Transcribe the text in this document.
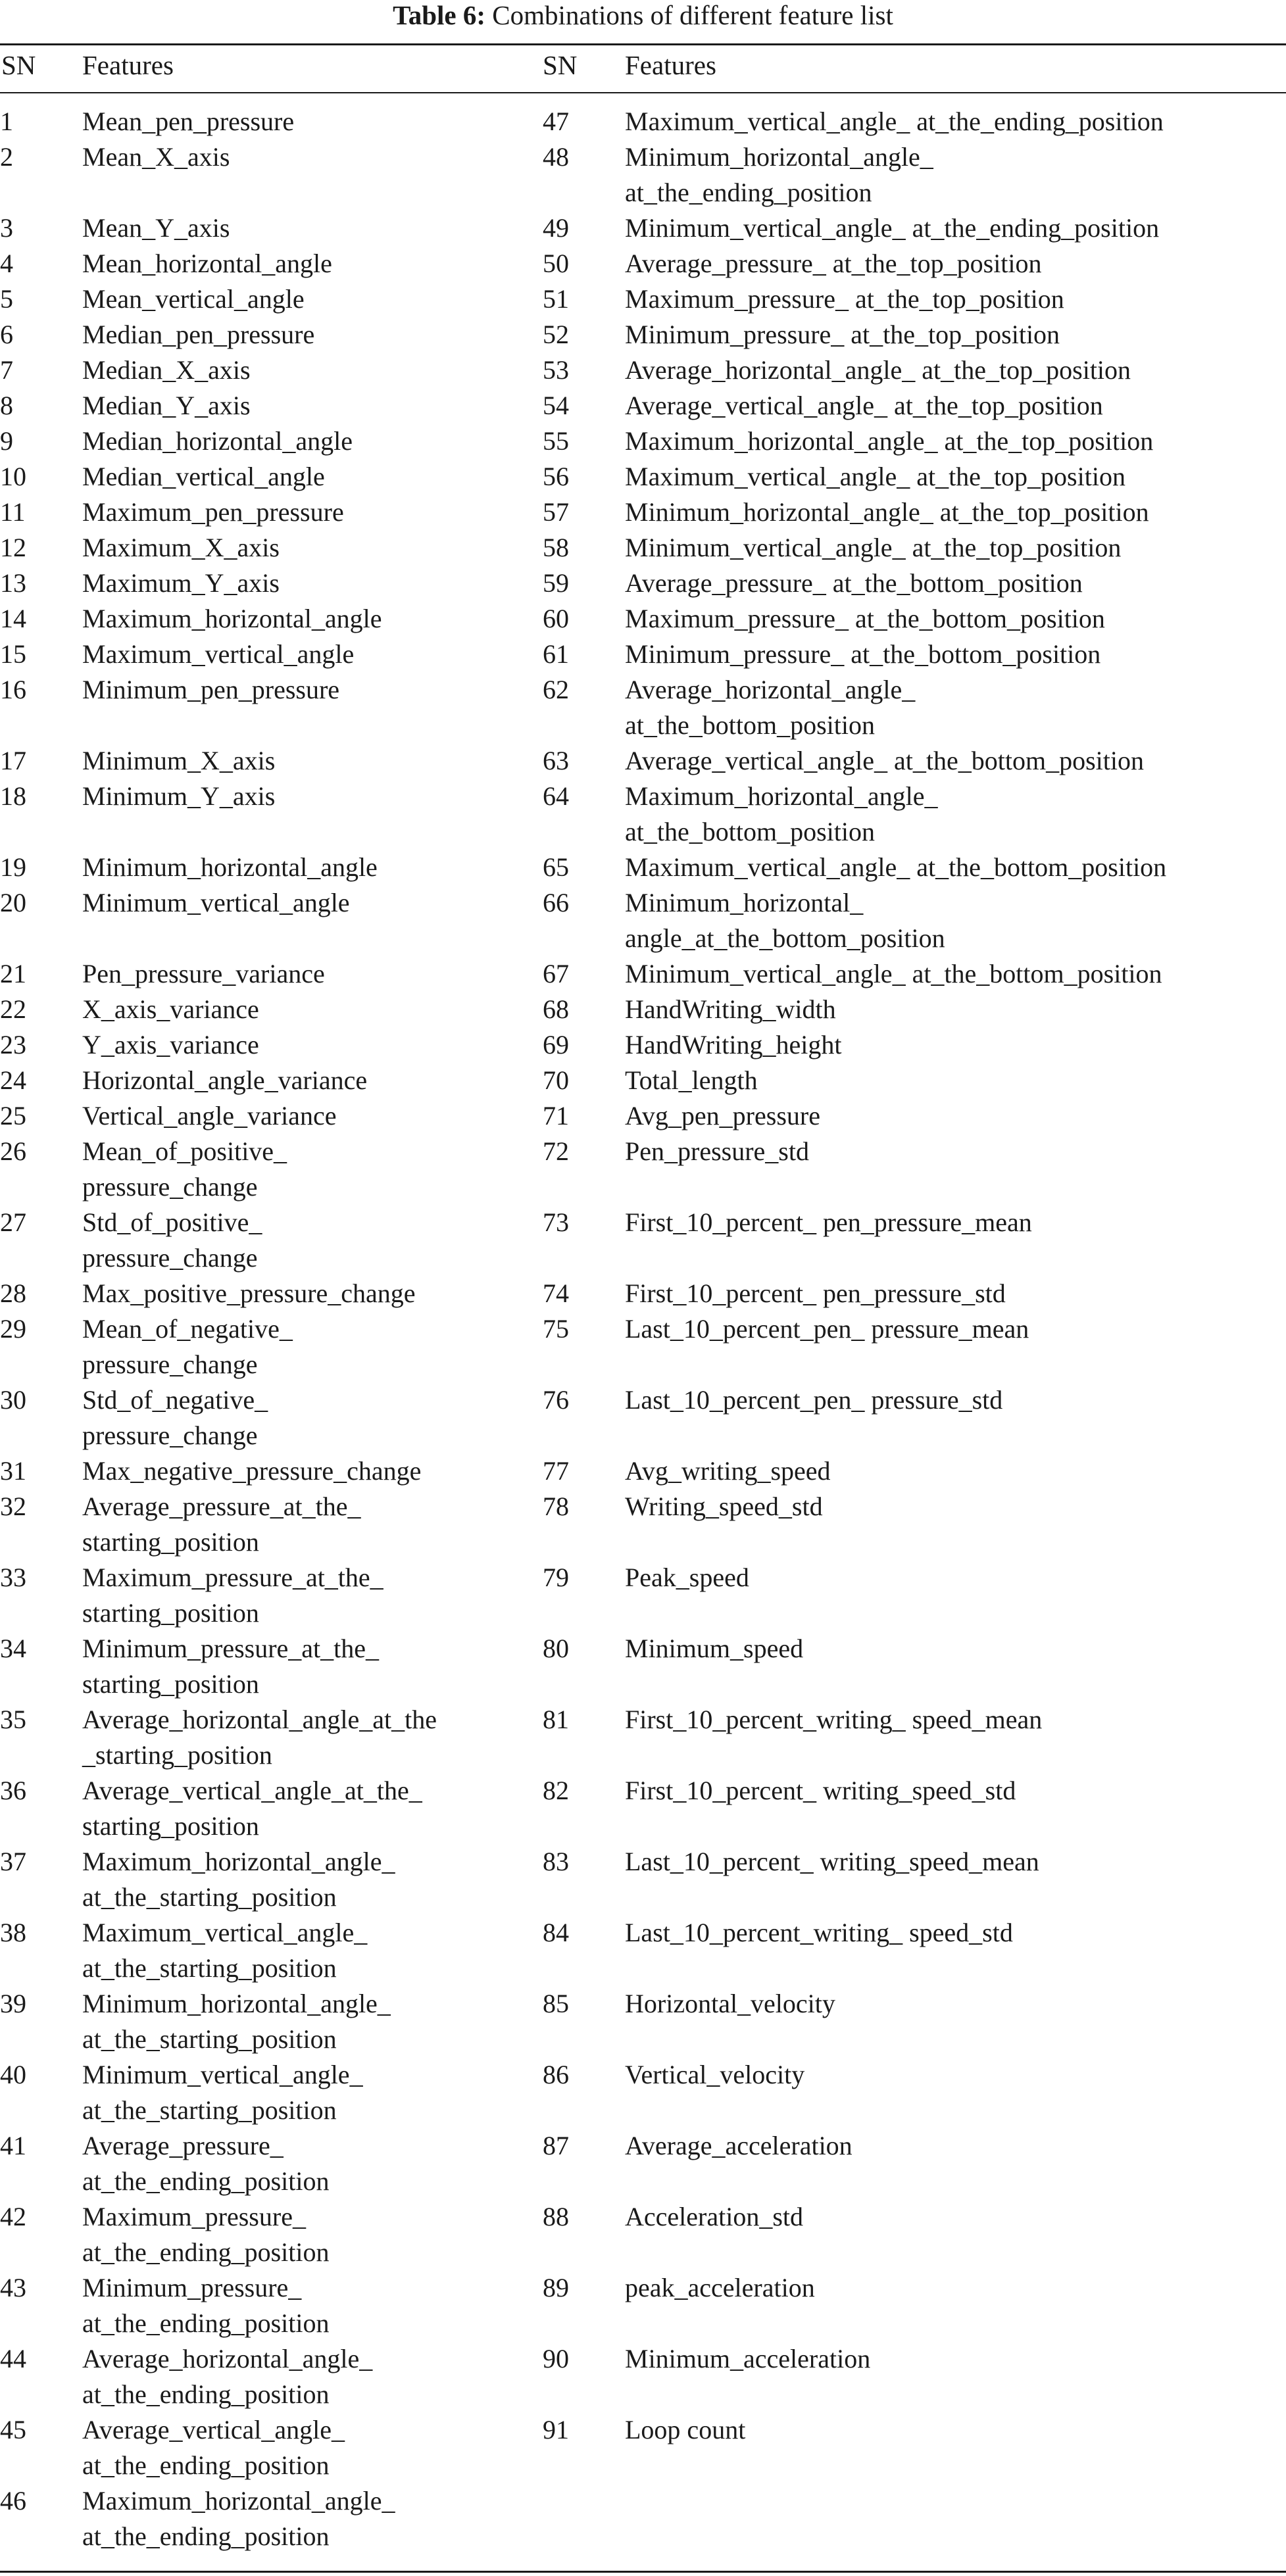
Table 6: Combinations of different feature list
SN Features	SN Features
1	Mean_pen_pressure	47	Maximum_vertical_angle_ at_the_ending_position
2	Mean_X_axis	48	Minimum_horizontal_angle_
at_the_ending_position
3	Mean_Y_axis	49	Minimum_vertical_angle_ at_the_ending_position
4	Mean_horizontal_angle	50	Average_pressure_ at_the_top_position
5	Mean_vertical_angle	51	Maximum_pressure_ at_the_top_position
6	Median_pen_pressure	52	Minimum_pressure_ at_the_top_position
7	Median_X_axis	53	Average_horizontal_angle_ at_the_top_position
8	Median_Y_axis	54	Average_vertical_angle_ at_the_top_position
9	Median_horizontal_angle	55	Maximum_horizontal_angle_ at_the_top_position
10	Median_vertical_angle	56	Maximum_vertical_angle_ at_the_top_position
11	Maximum_pen_pressure	57	Minimum_horizontal_angle_ at_the_top_position
12	Maximum_X_axis	58	Minimum_vertical_angle_ at_the_top_position
13	Maximum_Y_axis	59	Average_pressure_ at_the_bottom_position
14	Maximum_horizontal_angle	60	Maximum_pressure_ at_the_bottom_position
15	Maximum_vertical_angle	61	Minimum_pressure_ at_the_bottom_position
16	Minimum_pen_pressure	62	Average_horizontal_angle_
at_the_bottom_position
17	Minimum_X_axis	63	Average_vertical_angle_ at_the_bottom_position
18	Minimum_Y_axis	64	Maximum_horizontal_angle_
at_the_bottom_position
19	Minimum_horizontal_angle	65	Maximum_vertical_angle_ at_the_bottom_position
20	Minimum_vertical_angle	66	Minimum_horizontal_
angle_at_the_bottom_position
21	Pen_pressure_variance	67	Minimum_vertical_angle_ at_the_bottom_position
22	X_axis_variance	68	HandWriting_width
23	Y_axis_variance	69	HandWriting_height
24	Horizontal_angle_variance	70	Total_length
25	Vertical_angle_variance	71	Avg_pen_pressure
26	Mean_of_positive_
pressure_change	72	Pen_pressure_std
27	Std_of_positive_
pressure_change	73	First_10_percent_ pen_pressure_mean
28	Max_positive_pressure_change	74	First_10_percent_ pen_pressure_std
29	Mean_of_negative_
pressure_change	75	Last_10_percent_pen_ pressure_mean
30	Std_of_negative_
pressure_change	76	Last_10_percent_pen_ pressure_std
31	Max_negative_pressure_change	77	Avg_writing_speed
32	Average_pressure_at_the_
starting_position	78	Writing_speed_std
33	Maximum_pressure_at_the_
starting_position	79	Peak_speed
34	Minimum_pressure_at_the_
starting_position	80	Minimum_speed
35	Average_horizontal_angle_at_the
_starting_position	81	First_10_percent_writing_ speed_mean
36	Average_vertical_angle_at_the_
starting_position	82	First_10_percent_ writing_speed_std
37	Maximum_horizontal_angle_
at_the_starting_position	83	Last_10_percent_ writing_speed_mean
38	Maximum_vertical_angle_
at_the_starting_position	84	Last_10_percent_writing_ speed_std
39	Minimum_horizontal_angle_
at_the_starting_position	85	Horizontal_velocity
40	Minimum_vertical_angle_
at_the_starting_position	86	Vertical_velocity
41	Average_pressure_
at_the_ending_position	87	Average_acceleration
42	Maximum_pressure_
at_the_ending_position	88	Acceleration_std
43	Minimum_pressure_
at_the_ending_position	89	peak_acceleration
44	Average_horizontal_angle_
at_the_ending_position	90	Minimum_acceleration
45	Average_vertical_angle_
at_the_ending_position	91	Loop count
46	Maximum_horizontal_angle_
at_the_ending_position		
